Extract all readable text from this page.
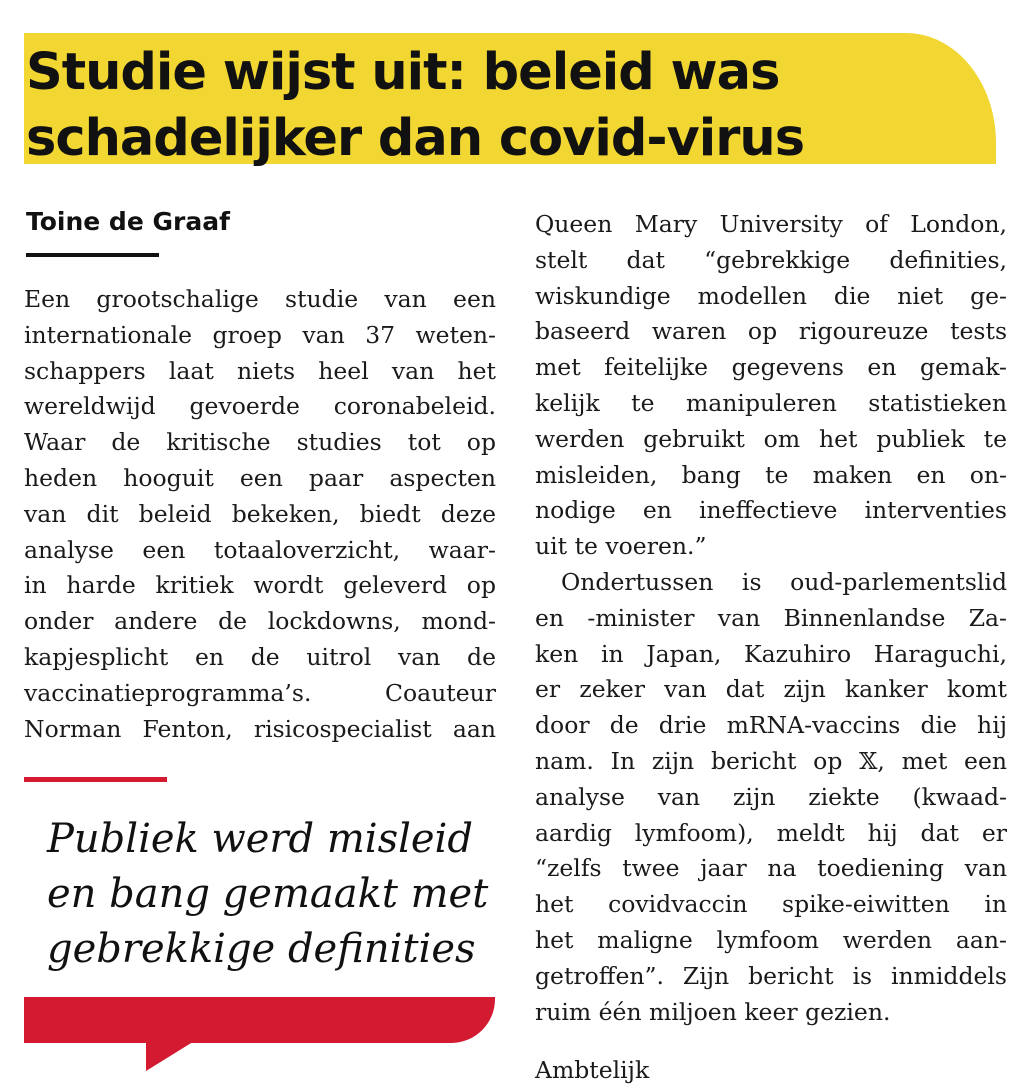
Studie wijst uit: beleid was
schadelijker dan covid-virus

Toine de Graaf

Een grootschalige studie van een
internationale groep van 37 weten-
schappers laat niets heel van het
wereldwijd gevoerde coronabeleid.
Waar de kritische studies tot op
heden hooguit een paar aspecten
van dit beleid bekeken, biedt deze
analyse een totaaloverzicht, waar-
in harde kritiek wordt geleverd op
onder andere de lockdowns, mond-
kapjesplicht en de uitrol van de
vaccinatieprogramma’s. Coauteur
Norman Fenton, risicospecialist aan

Publiek werd misleid
en bang gemaakt met
gebrekkige definities

Queen Mary University of London,
stelt dat “gebrekkige definities,
wiskundige modellen die niet ge-
baseerd waren op rigoureuze tests
met feitelijke gegevens en gemak-
kelijk te manipuleren statistieken
werden gebruikt om het publiek te
misleiden, bang te maken en on-
nodige en ineffectieve interventies
uit te voeren.”
Ondertussen is oud-parlementslid
en -minister van Binnenlandse Za-
ken in Japan, Kazuhiro Haraguchi,
er zeker van dat zijn kanker komt
door de drie mRNA-vaccins die hij
nam. In zijn bericht op 𝕏, met een
analyse van zijn ziekte (kwaad-
aardig lymfoom), meldt hij dat er
“zelfs twee jaar na toediening van
het covidvaccin spike-eiwitten in
het maligne lymfoom werden aan-
getroffen”. Zijn bericht is inmiddels
ruim één miljoen keer gezien.
Ambtelijk
